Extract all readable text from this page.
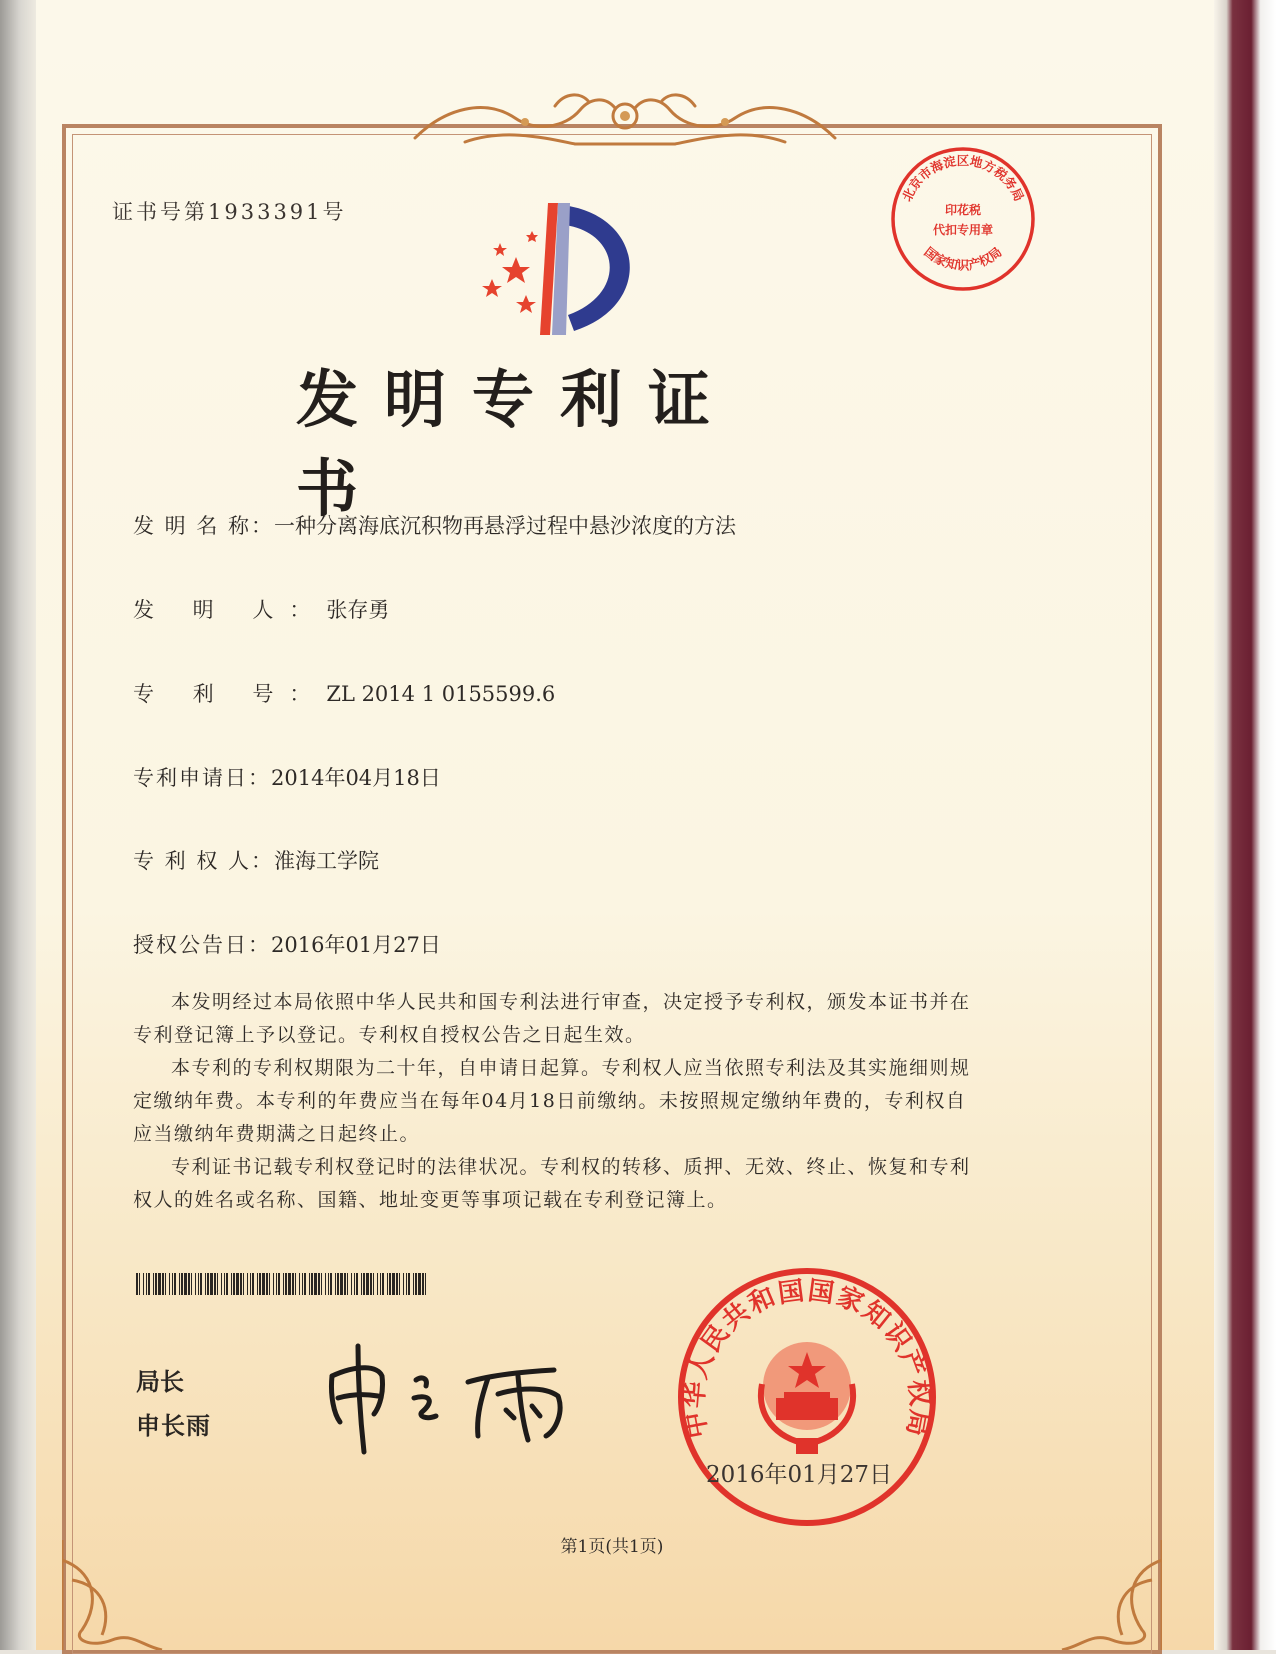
证书号第1933391号
北京市海淀区地方税务局
国家知识产权局
印花税
代扣专用章
发明专利证书
发 明 名 称：一种分离海底沉积物再悬浮过程中悬沙浓度的方法
发 明 人：张存勇
专 利 号：ZL 2014 1 0155599.6
专利申请日：2014年04月18日
专 利 权 人：淮海工学院
授权公告日：2016年01月27日

本发明经过本局依照中华人民共和国专利法进行审查，决定授予专利权，颁发本证书并在专利登记簿上予以登记。专利权自授权公告之日起生效。

本专利的专利权期限为二十年，自申请日起算。专利权人应当依照专利法及其实施细则规定缴纳年费。本专利的年费应当在每年04月18日前缴纳。未按照规定缴纳年费的，专利权自应当缴纳年费期满之日起终止。

专利证书记载专利权登记时的法律状况。专利权的转移、质押、无效、终止、恢复和专利权人的姓名或名称、国籍、地址变更等事项记载在专利登记簿上。

局长
申长雨	中华人民共和国国家知识产权局
2016年01月27日
第1页(共1页)
